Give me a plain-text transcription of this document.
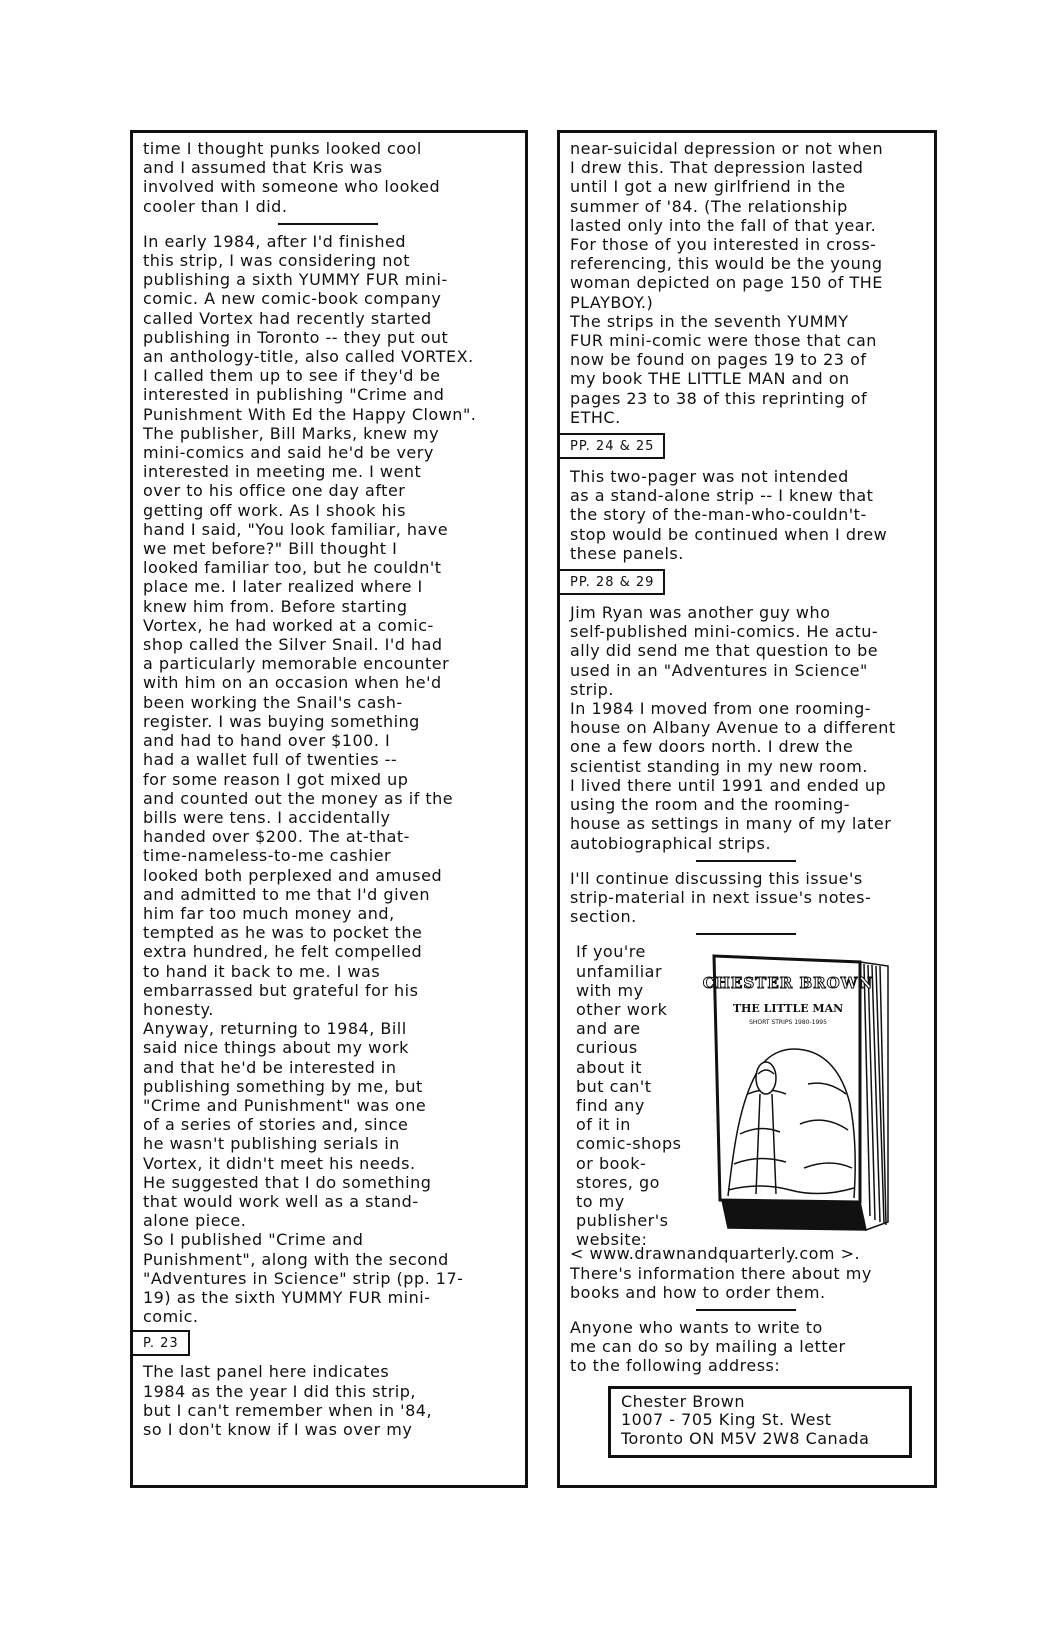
time I thought punks looked cool
and I assumed that Kris was
involved with someone who looked
cooler than I did.

In early 1984, after I'd finished
this strip, I was considering not
publishing a sixth YUMMY FUR mini-
comic. A new comic-book company
called Vortex had recently started
publishing in Toronto -- they put out
an anthology-title, also called VORTEX.
I called them up to see if they'd be
interested in publishing "Crime and
Punishment With Ed the Happy Clown".
The publisher, Bill Marks, knew my
mini-comics and said he'd be very
interested in meeting me. I went
over to his office one day after
getting off work. As I shook his
hand I said, "You look familiar, have
we met before?" Bill thought I
looked familiar too, but he couldn't
place me. I later realized where I
knew him from. Before starting
Vortex, he had worked at a comic-
shop called the Silver Snail. I'd had
a particularly memorable encounter
with him on an occasion when he'd
been working the Snail's cash-
register. I was buying something
and had to hand over $100. I
had a wallet full of twenties --
for some reason I got mixed up
and counted out the money as if the
bills were tens. I accidentally
handed over $200. The at-that-
time-nameless-to-me cashier
looked both perplexed and amused
and admitted to me that I'd given
him far too much money and,
tempted as he was to pocket the
extra hundred, he felt compelled
to hand it back to me. I was
embarrassed but grateful for his
honesty.

Anyway, returning to 1984, Bill
said nice things about my work
and that he'd be interested in
publishing something by me, but
"Crime and Punishment" was one
of a series of stories and, since
he wasn't publishing serials in
Vortex, it didn't meet his needs.
He suggested that I do something
that would work well as a stand-
alone piece.

So I published "Crime and
Punishment", along with the second
"Adventures in Science" strip (pp. 17-
19) as the sixth YUMMY FUR mini-
comic.

P. 23

The last panel here indicates
1984 as the year I did this strip,
but I can't remember when in '84,
so I don't know if I was over my

near-suicidal depression or not when
I drew this. That depression lasted
until I got a new girlfriend in the
summer of '84. (The relationship
lasted only into the fall of that year.
For those of you interested in cross-
referencing, this would be the young
woman depicted on page 150 of THE
PLAYBOY.)

The strips in the seventh YUMMY
FUR mini-comic were those that can
now be found on pages 19 to 23 of
my book THE LITTLE MAN and on
pages 23 to 38 of this reprinting of
ETHC.

PP. 24 & 25

This two-pager was not intended
as a stand-alone strip -- I knew that
the story of the-man-who-couldn't-
stop would be continued when I drew
these panels.

PP. 28 & 29

Jim Ryan was another guy who
self-published mini-comics. He actu-
ally did send me that question to be
used in an "Adventures in Science"
strip.

In 1984 I moved from one rooming-
house on Albany Avenue to a different
one a few doors north. I drew the
scientist standing in my new room.
I lived there until 1991 and ended up
using the room and the rooming-
house as settings in many of my later
autobiographical strips.

I'll continue discussing this issue's
strip-material in next issue's notes-
section.

If you're
unfamiliar
with my
other work
and are
curious
about it
but can't
find any
of it in
comic-shops
or book-
stores, go
to my
publisher's
website:

CHESTER BROWN
THE LITTLE MAN
SHORT STRIPS 1980-1995

< www.drawnandquarterly.com >.

There's information there about my
books and how to order them.

Anyone who wants to write to
me can do so by mailing a letter
to the following address:

Chester Brown

1007 - 705 King St. West

Toronto ON M5V 2W8 Canada
